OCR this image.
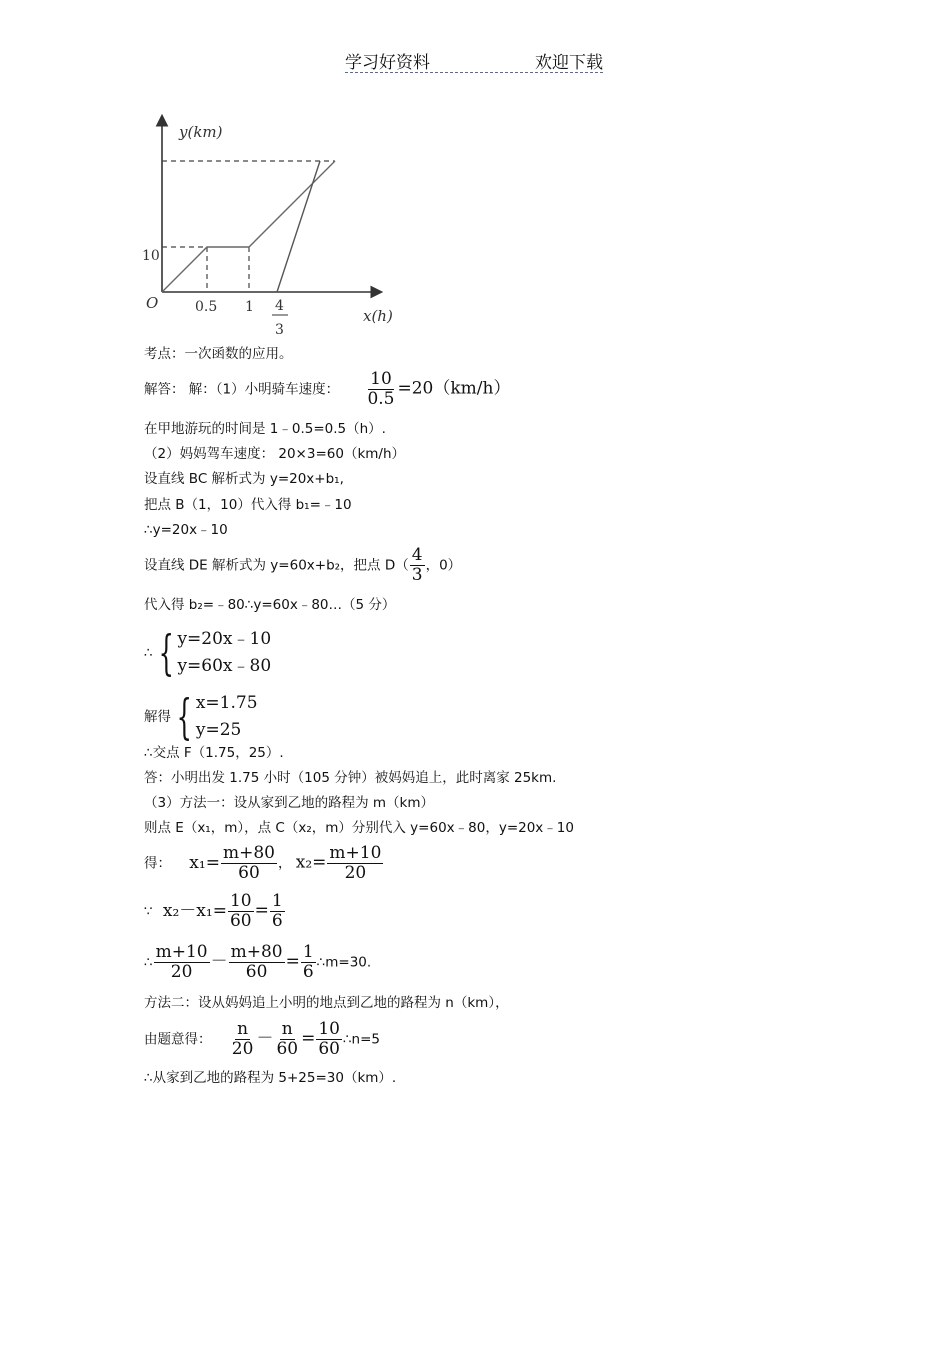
学习好资料	欢迎下载
y(km)
x(h)
O
10
0.5 1 4
3
考点：一次函数的应用。
解答： 解：（1）小明骑车速度： $\frac{10}{0.5} =20(km/h)$
在甲地游玩的时间是 1﹣0.5=0.5（h）.
（2）妈妈驾车速度： 20×3=60（km/h）
设直线 BC 解析式为 y=20x+b₁,
把点 B（1，10）代入得 b₁=﹣10
∴y=20x﹣10
设直线 DE 解析式为 y=60x+b₂，把点 $D( \frac{4}{3}$ ，0）
代入得 b₂=﹣80∴y=60x﹣80…（5 分）
∴ { y=20x﹣10
y=60x﹣80
解得 { x=1.75
y=25
∴交点 F（1.75，25）.
答：小明出发 1.75 小时（105 分钟）被妈妈追上，此时离家 25km.
（3）方法一：设从家到乙地的路程为 m（km）
则点 E（x₁，m），点 C（x₂，m）分别代入 y=60x﹣80，y=20x﹣10
得： $x_1= \frac{m+80}{60}$ ， $x_2= \frac{m+10}{20}$
∵ $x_2-x_1= \frac{10}{60} = \frac{1}{6}$
∴ $\frac{m+10}{20} - \frac{m+80}{60} = \frac{1}{6}$ ∴m=30.
方法二：设从妈妈追上小明的地点到乙地的路程为 n（km），
由题意得： $\frac{n}{20} - \frac{n}{60} = \frac{10}{60}$ ∴n=5
∴从家到乙地的路程为 5+25=30（km）.
